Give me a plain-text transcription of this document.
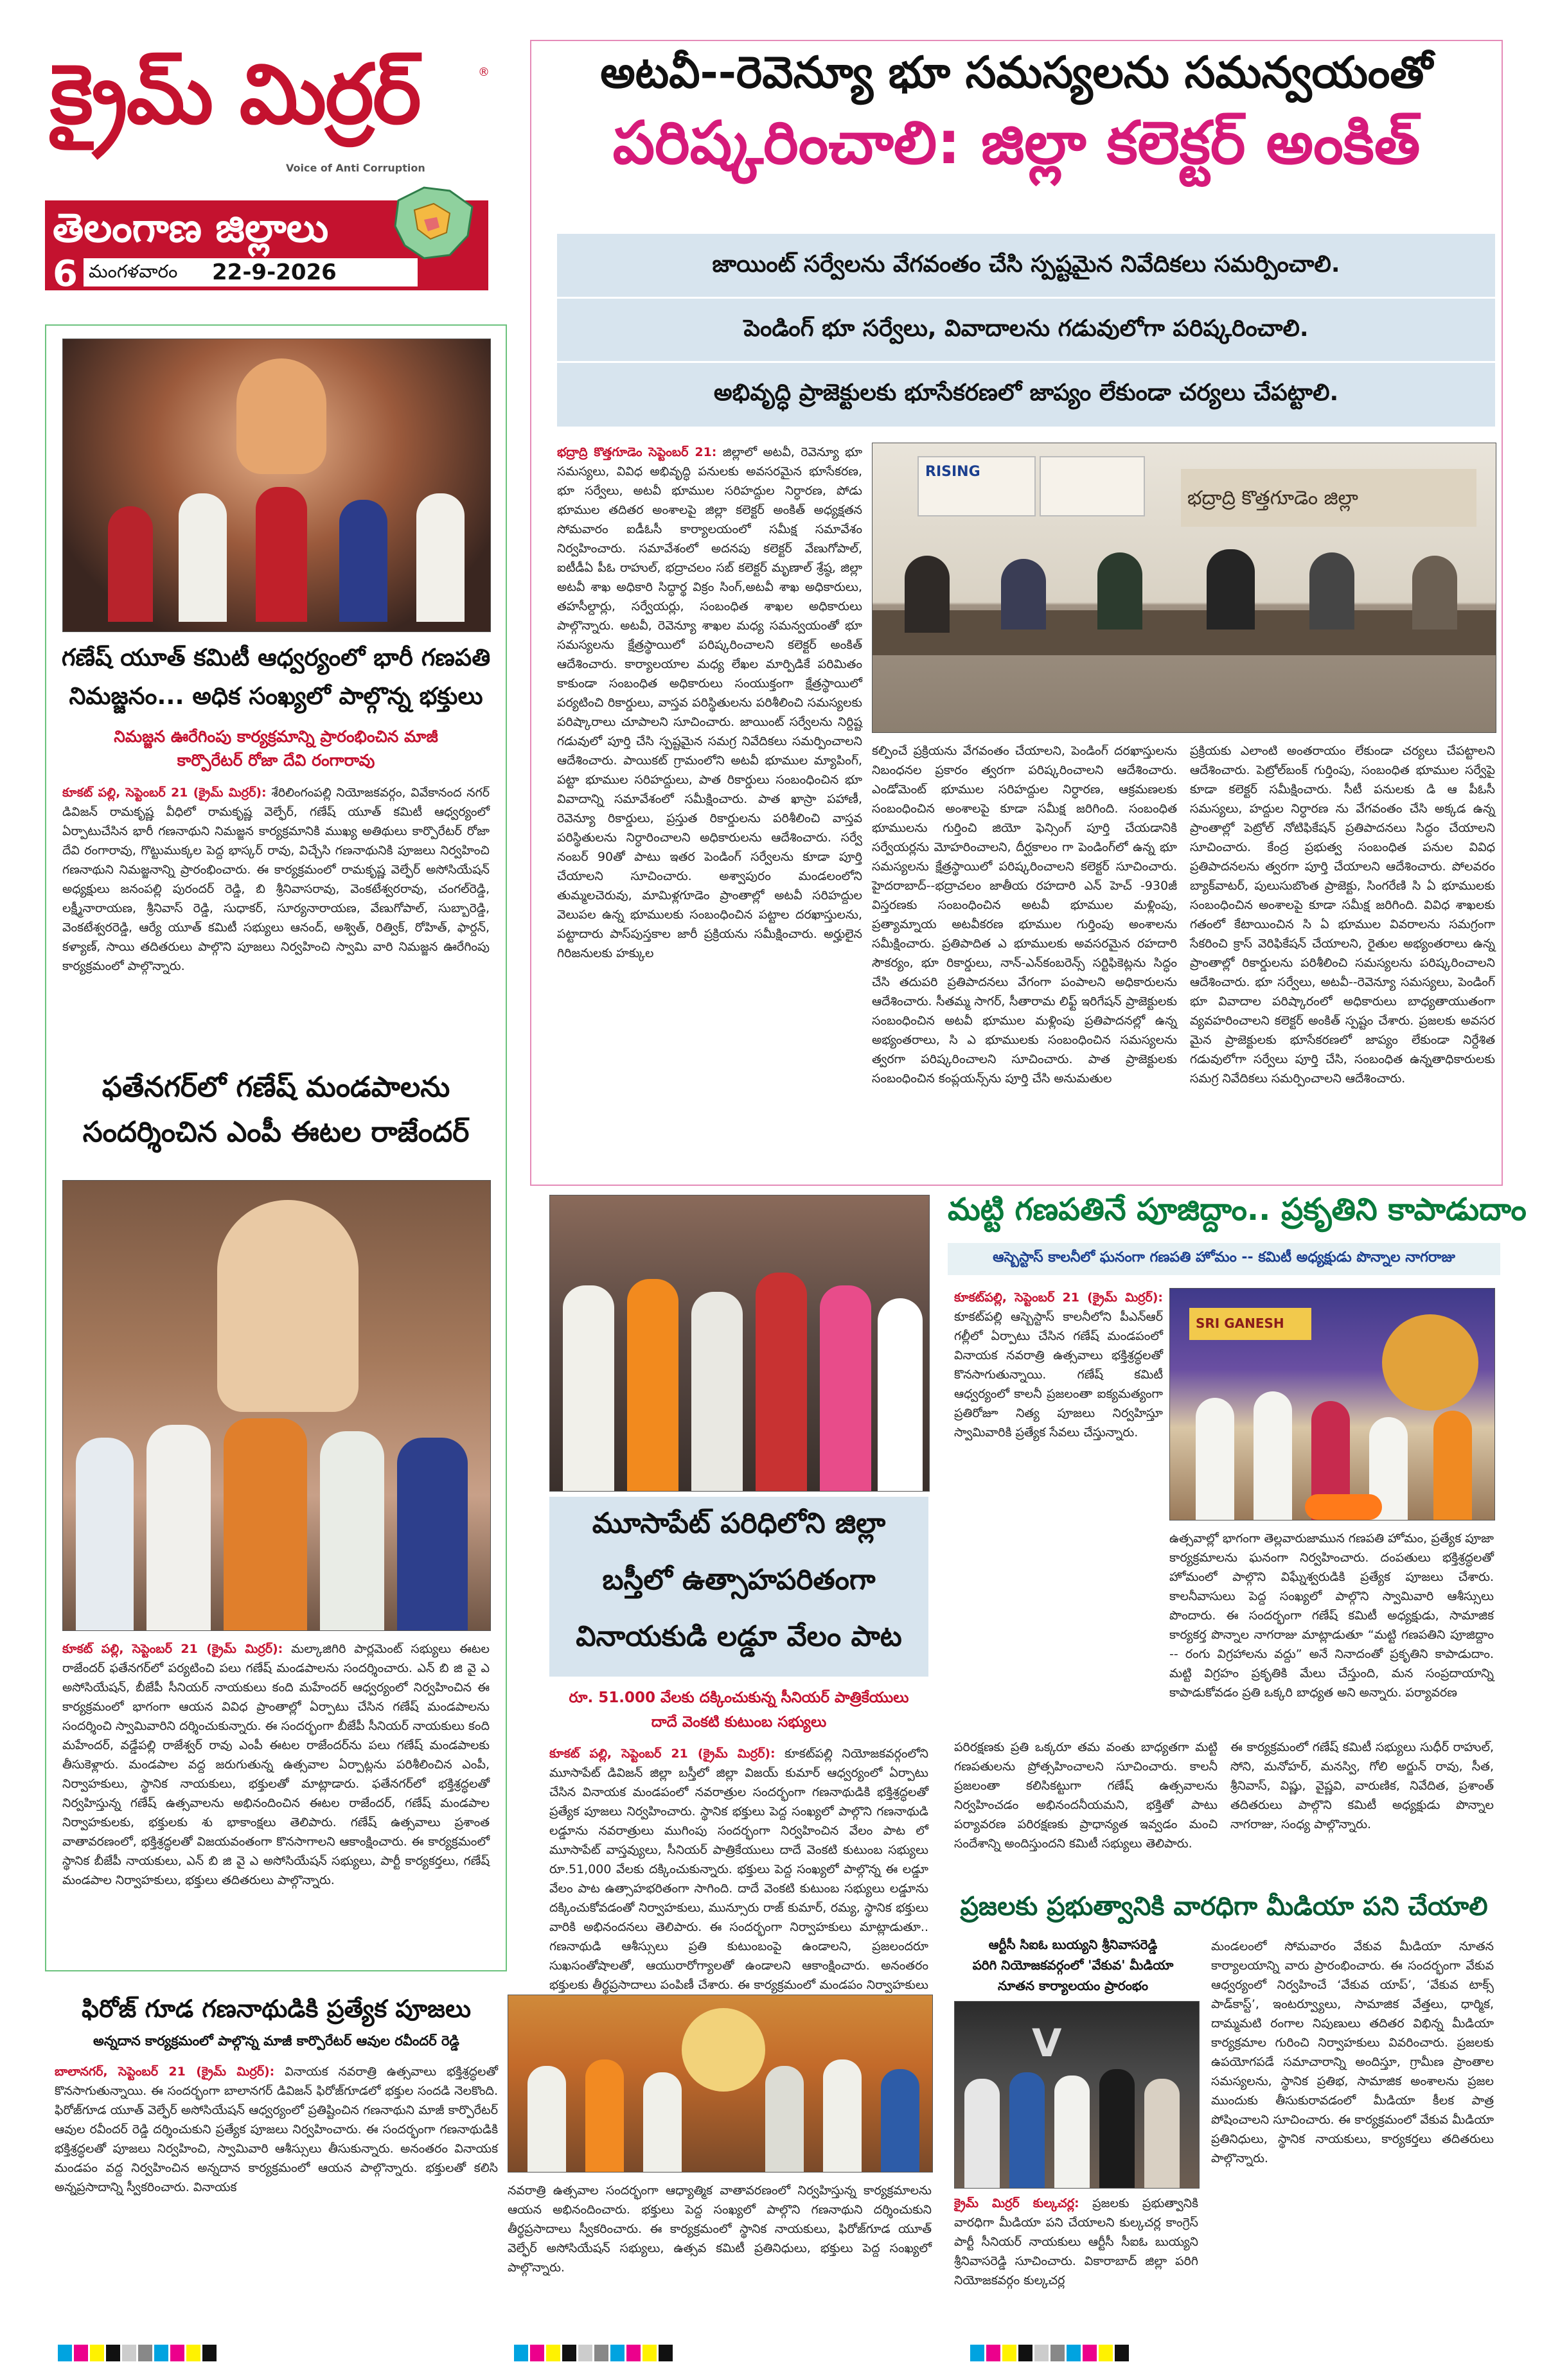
క్రైమ్ మిర్రర్
Voice of Anti Corruption
®
తెలంగాణ జిల్లాలు
6 మంగళవారం 22-9-2026
అటవీ--రెవెన్యూ భూ సమస్యలను సమన్వయంతో
పరిష్కరించాలి: జిల్లా కలెక్టర్ అంకిత్
జాయింట్ సర్వేలను వేగవంతం చేసి స్పష్టమైన నివేదికలు సమర్పించాలి.
పెండింగ్ భూ సర్వేలు, వివాదాలను గడువులోగా పరిష్కరించాలి.
అభివృద్ధి ప్రాజెక్టులకు భూసేకరణలో జాప్యం లేకుండా చర్యలు చేపట్టాలి.
భద్రాద్రి కొత్తగూడెం సెప్టెంబర్ 21: జిల్లాలో అటవీ, రెవెన్యూ భూ సమస్యలు, వివిధ అభివృద్ధి పనులకు అవసరమైన భూసేకరణ, భూ సర్వేలు, అటవీ భూముల సరిహద్దుల నిర్ధారణ, పోడు భూముల తదితర అంశాలపై జిల్లా కలెక్టర్ అంకిత్ అధ్యక్షతన సోమవారం ఐడీఓసీ కార్యాలయంలో సమీక్ష సమావేశం నిర్వహించారు. సమావేశంలో అదనపు కలెక్టర్ వేణుగోపాల్, ఐటీడీఏ పీఓ రాహుల్, భద్రాచలం సబ్ కలెక్టర్ మృణాల్ శ్రేష్ఠ, జిల్లా అటవీ శాఖ అధికారి సిద్ధార్థ విక్రం సింగ్,అటవీ శాఖ అధికారులు, తహసీల్దార్లు, సర్వేయర్లు, సంబంధిత శాఖల అధికారులు పాల్గొన్నారు. అటవీ, రెవెన్యూ శాఖల మధ్య సమన్వయంతో భూ సమస్యలను క్షేత్రస్థాయిలో పరిష్కరించాలని కలెక్టర్ అంకిత్ ఆదేశించారు. కార్యాలయాల మధ్య లేఖల మార్పిడికే పరిమితం కాకుండా సంబంధిత అధికారులు సంయుక్తంగా క్షేత్రస్థాయిలో పర్యటించి రికార్డులు, వాస్తవ పరిస్థితులను పరిశీలించి సమస్యలకు పరిష్కారాలు చూపాలని సూచించారు. జాయింట్ సర్వేలను నిర్దిష్ట గడువులో పూర్తి చేసి స్పష్టమైన సమగ్ర నివేదికలు సమర్పించాలని ఆదేశించారు. పాయికట్ గ్రామంలోని అటవీ భూముల మ్యాపింగ్, పట్టా భూముల సరిహద్దులు, పాత రికార్డులు సంబంధించిన భూ వివాదాన్ని సమావేశంలో సమీక్షించారు. పాత ఖాస్రా పహాణీ, రెవెన్యూ రికార్డులు, ప్రస్తుత రికార్డులను పరిశీలించి వాస్తవ పరిస్థితులను నిర్ధారించాలని అధికారులను ఆదేశించారు. సర్వే నంబర్ 90తో పాటు ఇతర పెండింగ్ సర్వేలను కూడా పూర్తి చేయాలని సూచించారు. అశ్వాపురం మండలంలోని తుమ్మలచెరువు, మామిళ్లగూడెం ప్రాంతాల్లో అటవీ సరిహద్దుల వెలుపల ఉన్న భూములకు సంబంధించిన పట్టాల దరఖాస్తులను, పట్టాదారు పాస్‌పుస్తకాల జారీ ప్రక్రియను సమీక్షించారు. అర్హులైన గిరిజనులకు హక్కుల
RISING
భద్రాద్రి కొత్తగూడెం జిల్లా
కల్పించే ప్రక్రియను వేగవంతం చేయాలని, పెండింగ్ దరఖాస్తులను నిబంధనల ప్రకారం త్వరగా పరిష్కరించాలని ఆదేశించారు. ఎండోమెంట్ భూముల సరిహద్దుల నిర్ధారణ, ఆక్రమణలకు సంబంధించిన అంశాలపై కూడా సమీక్ష జరిగింది. సంబంధిత భూములను గుర్తించి జియో ఫెన్సింగ్ పూర్తి చేయడానికి సర్వేయర్లను మోహరించాలని, దీర్ఘకాలం గా పెండింగ్‌లో ఉన్న భూ సమస్యలను క్షేత్రస్థాయిలో పరిష్కరించాలని కలెక్టర్ సూచించారు. హైదరాబాద్--భద్రాచలం జాతీయ రహదారి ఎన్ హెచ్ -930జీ విస్తరణకు సంబంధించిన అటవీ భూముల మళ్లింపు, ప్రత్యామ్నాయ అటవీకరణ భూముల గుర్తింపు అంశాలను సమీక్షించారు. ప్రతిపాదిత ఎ భూములకు అవసరమైన రహదారి సౌకర్యం, భూ రికార్డులు, నాన్-ఎన్‌కంబరెన్స్ సర్టిఫికెట్లను సిద్ధం చేసి తదుపరి ప్రతిపాదనలు వేగంగా పంపాలని అధికారులను ఆదేశించారు. సీతమ్మ సాగర్, సీతారామ లిఫ్ట్ ఇరిగేషన్ ప్రాజెక్టులకు సంబంధించిన అటవీ భూముల మళ్లింపు ప్రతిపాదనల్లో ఉన్న అభ్యంతరాలు, సి ఎ భూములకు సంబంధించిన సమస్యలను త్వరగా పరిష్కరించాలని సూచించారు. పాత ప్రాజెక్టులకు సంబంధించిన కంప్లయన్స్‌ను పూర్తి చేసి అనుమతుల
ప్రక్రియకు ఎలాంటి అంతరాయం లేకుండా చర్యలు చేపట్టాలని ఆదేశించారు. పెట్రోల్‌బంక్ గుర్తింపు, సంబంధిత భూముల సర్వేపై కూడా కలెక్టర్ సమీక్షించారు. సీటీ పనులకు డి ఆ పీఓసీ సమస్యలు, హద్దుల నిర్ధారణ ను వేగవంతం చేసి అక్కడ ఉన్న ప్రాంతాల్లో పెట్రోల్ నోటిఫికేషన్ ప్రతిపాదనలు సిద్ధం చేయాలని సూచించారు. కేంద్ర ప్రభుత్వ సంబంధిత పనుల వివిధ ప్రతిపాదనలను త్వరగా పూర్తి చేయాలని ఆదేశించారు. పోలవరం బ్యాక్‌వాటర్, పులుసుబొంత ప్రాజెక్టు, సింగరేణి సి ఏ భూములకు సంబంధించిన అంశాలపై కూడా సమీక్ష జరిగింది. వివిధ శాఖలకు గతంలో కేటాయించిన సి ఏ భూముల వివరాలను సమగ్రంగా సేకరించి క్రాస్ వెరిఫికేషన్ చేయాలని, రైతుల అభ్యంతరాలు ఉన్న ప్రాంతాల్లో రికార్డులను పరిశీలించి సమస్యలను పరిష్కరించాలని ఆదేశించారు. భూ సర్వేలు, అటవీ--రెవెన్యూ సమస్యలు, పెండింగ్ భూ వివాదాల పరిష్కారంలో అధికారులు బాధ్యతాయుతంగా వ్యవహరించాలని కలెక్టర్ అంకిత్ స్పష్టం చేశారు. ప్రజలకు అవసర మైన ప్రాజెక్టులకు భూసేకరణలో జాప్యం లేకుండా నిర్దేశిత గడువులోగా సర్వేలు పూర్తి చేసి, సంబంధిత ఉన్నతాధికారులకు సమగ్ర నివేదికలు సమర్పించాలని ఆదేశించారు.
గణేష్ యూత్ కమిటీ ఆధ్వర్యంలో భారీ గణపతి
నిమజ్జనం... అధిక సంఖ్యలో పాల్గొన్న భక్తులు
నిమజ్జన ఊరేగింపు కార్యక్రమాన్ని ప్రారంభించిన మాజీ
కార్పొరేటర్ రోజా దేవి రంగారావు
కూకట్ పల్లి, సెప్టెంబర్ 21 (క్రైమ్ మిర్రర్): శేరిలింగంపల్లి నియోజకవర్గం, వివేకానంద నగర్ డివిజన్ రామకృష్ణ వీధిలో రామకృష్ణ వెల్ఫేర్, గణేష్ యూత్ కమిటీ ఆధ్వర్యంలో ఏర్పాటుచేసిన భారీ గణనాథుని నిమజ్జన కార్యక్రమానికి ముఖ్య అతిథులు కార్పొరేటర్ రోజా దేవి రంగారావు, గొట్టుముక్కల పెద్ద భాస్కర్ రావు, విచ్చేసి గణనాథునికి పూజలు నిర్వహించి గణనాథుని నిమజ్జనాన్ని ప్రారంభించారు. ఈ కార్యక్రమంలో రామకృష్ణ వెల్ఫేర్ అసోసియేషన్ అధ్యక్షులు జనంపల్లి పురందర్ రెడ్డి, బి శ్రీనివాసరావు, వెంకటేశ్వరరావు, చంగల్‌రెడ్డి, లక్ష్మీనారాయణ, శ్రీనివాస్ రెడ్డి, సుధాకర్, సూర్యనారాయణ, వేణుగోపాల్, సుబ్బారెడ్డి, వెంకటేశ్వరరెడ్డి, ఆర్యే యూత్ కమిటీ సభ్యులు ఆనంద్, అశ్విత్, రిత్విక్, రోహిత్, ఫార్దన్, కళ్యాణ్, సాయి తదితరులు పాల్గొని పూజలు నిర్వహించి స్వామి వారి నిమజ్జన ఊరేగింపు కార్యక్రమంలో పాల్గొన్నారు.
ఫతేనగర్‌లో గణేష్ మండపాలను
సందర్శించిన ఎంపీ ఈటల రాజేందర్
కూకట్ పల్లి, సెప్టెంబర్ 21 (క్రైమ్ మిర్రర్): మల్కాజిగిరి పార్లమెంట్ సభ్యులు ఈటల రాజేందర్ ఫతేనగర్‌లో పర్యటించి పలు గణేష్ మండపాలను సందర్శించారు. ఎన్ బి జి వై ఎ అసోసియేషన్, బీజేపీ సీనియర్ నాయకులు కంది మహేందర్ ఆధ్వర్యంలో నిర్వహించిన ఈ కార్యక్రమంలో భాగంగా ఆయన వివిధ ప్రాంతాల్లో ఏర్పాటు చేసిన గణేష్ మండపాలను సందర్శించి స్వామివారిని దర్శించుకున్నారు. ఈ సందర్భంగా బీజేపీ సీనియర్ నాయకులు కంది మహేందర్, వడ్డేపల్లి రాజేశ్వర్ రావు ఎంపీ ఈటల రాజేందర్‌ను పలు గణేష్ మండపాలకు తీసుకెళ్లారు. మండపాల వద్ద జరుగుతున్న ఉత్సవాల ఏర్పాట్లను పరిశీలించిన ఎంపీ, నిర్వాహకులు, స్థానిక నాయకులు, భక్తులతో మాట్లాడారు. ఫతేనగర్‌లో భక్తిశ్రద్ధలతో నిర్వహిస్తున్న గణేష్ ఉత్సవాలను అభినందించిన ఈటల రాజేందర్, గణేష్ మండపాల నిర్వాహకులకు, భక్తులకు శు భాకాంక్షలు తెలిపారు. గణేష్ ఉత్సవాలు ప్రశాంత వాతావరణంలో, భక్తిశ్రద్ధలతో విజయవంతంగా కొనసాగాలని ఆకాంక్షించారు. ఈ కార్యక్రమంలో స్థానిక బీజేపీ నాయకులు, ఎన్ బి జి వై ఎ అసోసియేషన్ సభ్యులు, పార్టీ కార్యకర్తలు, గణేష్ మండపాల నిర్వాహకులు, భక్తులు తదితరులు పాల్గొన్నారు.
మూసాపేట్ పరిధిలోని జిల్లా
బస్తీలో ఉత్సాహపరితంగా
వినాయకుడి లడ్డూ వేలం పాట
రూ. 51.000 వేలకు దక్కించుకున్న సీనియర్ పాత్రికేయులు
దాదే వెంకటి కుటుంబ సభ్యులు
కూకట్ పల్లి, సెప్టెంబర్ 21 (క్రైమ్ మిర్రర్): కూకట్‌పల్లి నియోజకవర్గంలోని మూసాపేట్ డివిజన్ జిల్లా బస్తీలో జిల్లా విజయ్ కుమార్ ఆధ్వర్యంలో ఏర్పాటు చేసిన వినాయక మండపంలో నవరాత్రుల సందర్భంగా గణనాథుడికి భక్తిశ్రద్ధలతో ప్రత్యేక పూజలు నిర్వహించారు. స్థానిక భక్తులు పెద్ద సంఖ్యలో పాల్గొని గణనాథుడి లడ్డూను నవరాత్రులు ముగింపు సందర్భంగా నిర్వహించిన వేలం పాట లో మూసాపేట్ వాస్తవ్యులు, సీనియర్ పాత్రికేయులు దాదే వెంకటి కుటుంబ సభ్యులు రూ.51,000 వేలకు దక్కించుకున్నారు. భక్తులు పెద్ద సంఖ్యలో పాల్గొన్న ఈ లడ్డూ వేలం పాట ఉత్సాహభరితంగా సాగింది. దాదే వెంకటి కుటుంబ సభ్యులు లడ్డూను దక్కించుకోవడంతో నిర్వాహకులు, మున్సూరు రాజ్ కుమార్, రమ్య, స్థానిక భక్తులు వారికి అభినందనలు తెలిపారు. ఈ సందర్భంగా నిర్వాహకులు మాట్లాడుతూ.. గణనాథుడి ఆశీస్సులు ప్రతి కుటుంబంపై ఉండాలని, ప్రజలందరూ సుఖసంతోషాలతో, ఆయురారోగ్యాలతో ఉండాలని ఆకాంక్షించారు. అనంతరం భక్తులకు తీర్థప్రసాదాలు పంపిణీ చేశారు. ఈ కార్యక్రమంలో మండపం నిర్వాహకులు
మట్టి గణపతినే పూజిద్దాం.. ప్రకృతిని కాపాడుదాం
ఆస్బెస్టాస్ కాలనీలో ఘనంగా గణపతి హోమం -- కమిటీ అధ్యక్షుడు పొన్నాల నాగరాజు
కూకట్‌పల్లి, సెప్టెంబర్ 21 (క్రైమ్ మిర్రర్): కూకట్‌పల్లి ఆస్బెస్టాస్ కాలనీలోని పీఎన్ఆర్ గల్లీలో ఏర్పాటు చేసిన గణేష్ మండపంలో వినాయక నవరాత్రి ఉత్సవాలు భక్తిశ్రద్ధలతో కొనసాగుతున్నాయి. గణేష్ కమిటీ ఆధ్వర్యంలో కాలనీ ప్రజలంతా ఐక్యమత్యంగా ప్రతిరోజూ నిత్య పూజలు నిర్వహిస్తూ స్వామివారికి ప్రత్యేక సేవలు చేస్తున్నారు.
SRI GANESH
ఉత్సవాల్లో భాగంగా తెల్లవారుజామున గణపతి హోమం, ప్రత్యేక పూజా కార్యక్రమాలను ఘనంగా నిర్వహించారు. దంపతులు భక్తిశ్రద్ధలతో హోమంలో పాల్గొని విఘ్నేశ్వరుడికి ప్రత్యేక పూజలు చేశారు. కాలనీవాసులు పెద్ద సంఖ్యలో పాల్గొని స్వామివారి ఆశీస్సులు పొందారు. ఈ సందర్భంగా గణేష్ కమిటీ అధ్యక్షుడు, సామాజిక కార్యకర్త పొన్నాల నాగరాజు మాట్లాడుతూ “మట్టి గణపతిని పూజిద్దాం -- రంగు విగ్రహాలను వద్దు” అనే నినాదంతో ప్రకృతిని కాపాడుదాం. మట్టి విగ్రహం ప్రకృతికి మేలు చేస్తుంది, మన సంప్రదాయాన్ని కాపాడుకోవడం ప్రతి ఒక్కరి బాధ్యత అని అన్నారు. పర్యావరణ
పరిరక్షణకు ప్రతి ఒక్కరూ తమ వంతు బాధ్యతగా మట్టి గణపతులను ప్రోత్సహించాలని సూచించారు. కాలనీ ప్రజలంతా కలిసికట్టుగా గణేష్ ఉత్సవాలను నిర్వహించడం అభినందనీయమని, భక్తితో పాటు పర్యావరణ పరిరక్షణకు ప్రాధాన్యత ఇవ్వడం మంచి సందేశాన్ని అందిస్తుందని కమిటీ సభ్యులు తెలిపారు.
ఈ కార్యక్రమంలో గణేష్ కమిటీ సభ్యులు సుధీర్ రాహుల్, సోని, మనోహర్, మనస్వి, గోలి అర్జున్ రావు, సీత, శ్రీనివాస్, విష్ణు, వైష్ణవి, వారుణిక, నివేదిత, ప్రశాంత్ తదితరులు పాల్గొని కమిటీ అధ్యక్షుడు పొన్నాల నాగరాజు, సంధ్య పాల్గొన్నారు.
ప్రజలకు ప్రభుత్వానికి వారధిగా మీడియా పని చేయాలి
ఆర్టీసీ సిఐఓ బుయ్యని శ్రీనివాసరెడ్డి
పరిగి నియోజకవర్గంలో 'వేకువ' మీడియా
నూతన కార్యాలయం ప్రారంభం
V
క్రైమ్ మిర్రర్ కుల్కచర్ల: ప్రజలకు ప్రభుత్వానికి వారధిగా మీడియా పని చేయాలని కుల్కచర్ల కాంగ్రెస్ పార్టీ సీనియర్ నాయకులు ఆర్టీసీ సీఐఓ బుయ్యని శ్రీనివాసరెడ్డి సూచించారు. వికారాబాద్ జిల్లా పరిగి నియోజకవర్గం కుల్కచర్ల
మండలంలో సోమవారం వేకువ మీడియా నూతన కార్యాలయాన్ని వారు ప్రారంభించారు. ఈ సందర్భంగా వేకువ ఆధ్వర్యంలో నిర్వహించే ‘వేకువ యాప్’, ‘వేకువ టాక్స్ పాడ్‌కాస్ట్’, ఇంటర్వ్యూలు, సామాజిక వేత్తలు, ధార్మిక, దామ్మమటి రంగాల నిపుణులు తదితర విభిన్న మీడియా కార్యక్రమాల గురించి నిర్వాహకులు వివరించారు. ప్రజలకు ఉపయోగపడే సమాచారాన్ని అందిస్తూ, గ్రామీణ ప్రాంతాల సమస్యలను, స్థానిక ప్రతిభ, సామాజిక అంశాలను ప్రజల ముందుకు తీసుకురావడంలో మీడియా కీలక పాత్ర పోషించాలని సూచించారు. ఈ కార్యక్రమంలో వేకువ మీడియా ప్రతినిధులు, స్థానిక నాయకులు, కార్యకర్తలు తదితరులు పాల్గొన్నారు.
ఫిరోజ్ గూడ గణనాథుడికి ప్రత్యేక పూజలు
అన్నదాన కార్యక్రమంలో పాల్గొన్న మాజీ కార్పొరేటర్ ఆవుల రవీందర్ రెడ్డి
బాలానగర్, సెప్టెంబర్ 21 (క్రైమ్ మిర్రర్): వినాయక నవరాత్రి ఉత్సవాలు భక్తిశ్రద్ధలతో కొనసాగుతున్నాయి. ఈ సందర్భంగా బాలానగర్ డివిజన్ ఫిరోజ్‌గూడలో భక్తుల సందడి నెలకొంది. ఫిరోజ్‌గూడ యూత్ వెల్ఫేర్ అసోసియేషన్ ఆధ్వర్యంలో ప్రతిష్టించిన గణనాథుని మాజీ కార్పొరేటర్ ఆవుల రవీందర్ రెడ్డి దర్శించుకుని ప్రత్యేక పూజలు నిర్వహించారు. ఈ సందర్భంగా గణనాథుడికి భక్తిశ్రద్ధలతో పూజలు నిర్వహించి, స్వామివారి ఆశీస్సులు తీసుకున్నారు. అనంతరం వినాయక మండపం వద్ద నిర్వహించిన అన్నదాన కార్యక్రమంలో ఆయన పాల్గొన్నారు. భక్తులతో కలిసి అన్నప్రసాదాన్ని స్వీకరించారు. వినాయక	నవరాత్రి ఉత్సవాల సందర్భంగా ఆధ్యాత్మిక వాతావరణంలో నిర్వహిస్తున్న కార్యక్రమాలను ఆయన అభినందించారు. భక్తులు పెద్ద సంఖ్యలో పాల్గొని గణనాథుని దర్శించుకుని తీర్థప్రసాదాలు స్వీకరించారు. ఈ కార్యక్రమంలో స్థానిక నాయకులు, ఫిరోజ్‌గూడ యూత్ వెల్ఫేర్ అసోసియేషన్ సభ్యులు, ఉత్సవ కమిటీ ప్రతినిధులు, భక్తులు పెద్ద సంఖ్యలో పాల్గొన్నారు.
